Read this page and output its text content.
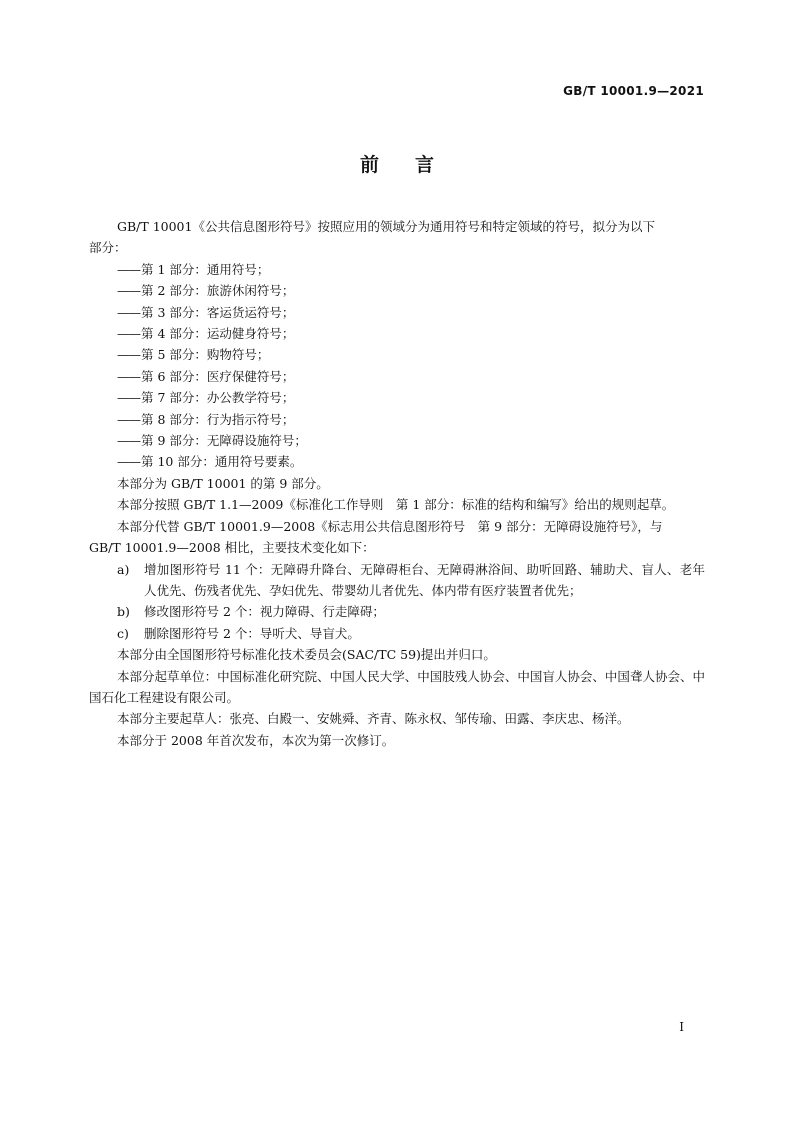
GB/T 10001.9—2021
前言

GB/T 10001《公共信息图形符号》按照应用的领域分为通用符号和特定领域的符号，拟分为以下

部分：

——第 1 部分：通用符号；

——第 2 部分：旅游休闲符号；

——第 3 部分：客运货运符号；

——第 4 部分：运动健身符号；

——第 5 部分：购物符号；

——第 6 部分：医疗保健符号；

——第 7 部分：办公教学符号；

——第 8 部分：行为指示符号；

——第 9 部分：无障碍设施符号；

——第 10 部分：通用符号要素。

本部分为 GB/T 10001 的第 9 部分。

本部分按照 GB/T 1.1—2009《标准化工作导则　第 1 部分：标准的结构和编写》给出的规则起草。

本部分代替 GB/T 10001.9—2008《标志用公共信息图形符号　第 9 部分：无障碍设施符号》，与

GB/T 10001.9—2008 相比，主要技术变化如下：

a) 增加图形符号 11 个：无障碍升降台、无障碍柜台、无障碍淋浴间、助听回路、辅助犬、盲人、老年人优先、伤残者优先、孕妇优先、带婴幼儿者优先、体内带有医疗装置者优先；

b) 修改图形符号 2 个：视力障碍、行走障碍；

c) 删除图形符号 2 个：导听犬、导盲犬。

本部分由全国图形符号标准化技术委员会(SAC/TC 59)提出并归口。

本部分起草单位：中国标准化研究院、中国人民大学、中国肢残人协会、中国盲人协会、中国聋人协会、中国石化工程建设有限公司。

本部分主要起草人：张亮、白殿一、安姚舜、齐青、陈永权、邹传瑜、田露、李庆忠、杨洋。

本部分于 2008 年首次发布，本次为第一次修订。

I
